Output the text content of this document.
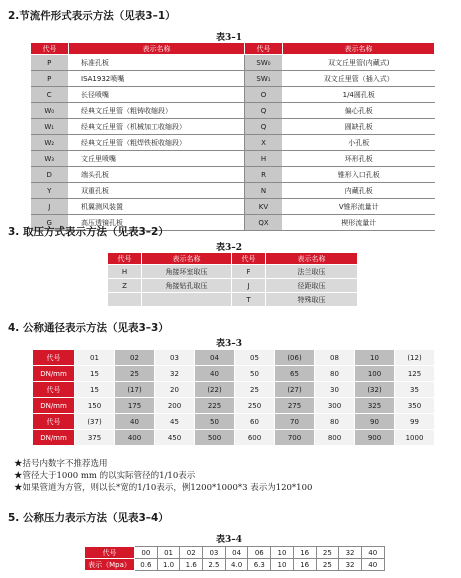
2.节流件形式表示方法（见表3–1）
表3–1
代号	表示名称	代号	表示名称
P	标准孔板	SW₀	双文丘里管(内藏式)
P	ISA1932喷嘴	SW₁	双文丘里管（插入式）
C	长径喷嘴	O	1/4圆孔板
W₀	经典文丘里管（粗铸收缩段）	Q	偏心孔板
W₁	经典文丘里管（机械加工收缩段）	Q	圆缺孔板
W₂	经典文丘里管（粗焊铁板收缩段）	X	小孔板
W₃	文丘里喷嘴	H	环形孔板
D	端头孔板	R	锥形入口孔板
Y	双重孔板	N	内藏孔板
J	机翼测风装置	KV	V锥形流量计
G	高压透镜孔板	QX	楔形流量计
3. 取压方式表示方法（见表3–2）
表3–2
代号	表示名称	代号	表示名称
H	角接环室取压	F	法兰取压
Z	角接钻孔取压	J	径距取压
		T	特殊取压
4. 公称通径表示方法（见表3–3）
表3–3
代号	01	02	03	04	05	(06)	08	10	(12)
DN/mm	15	25	32	40	50	65	80	100	125
代号	15	(17)	20	(22)	25	(27)	30	(32)	35
DN/mm	150	175	200	225	250	275	300	325	350
代号	(37)	40	45	50	60	70	80	90	99
DN/mm	375	400	450	500	600	700	800	900	1000
★括号内数字不推荐选用
★管径大于1000 mm 的以实际管径的1/10表示
★如果管道为方管，则以长*宽的1/10表示，例1200*1000*3 表示为120*100
5. 公称压力表示方法（见表3–4）
表3–4
代号	00	01	02	03	04	06	10	16	25	32	40
表示（Mpa）	0.6	1.0	1.6	2.5	4.0	6.3	10	16	25	32	40
